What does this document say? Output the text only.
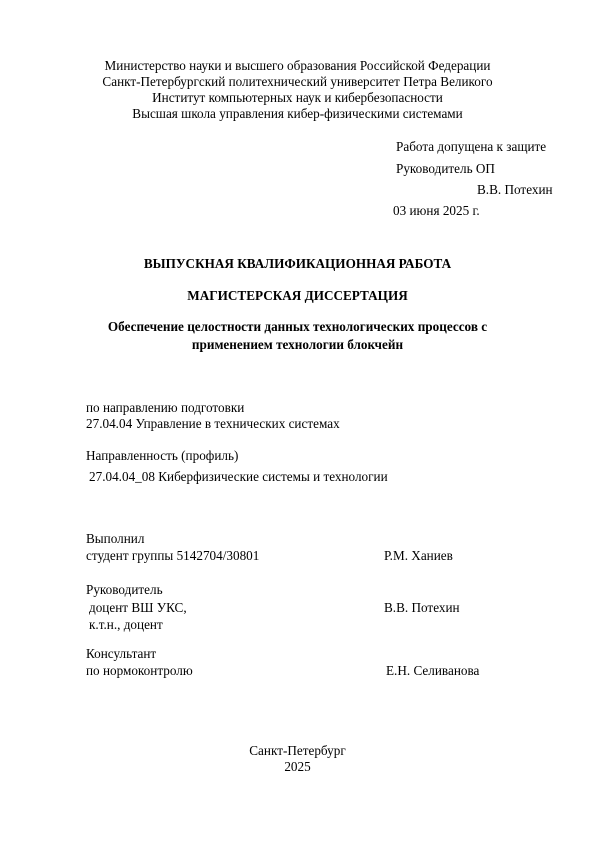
Министерство науки и высшего образования Российской Федерации
Санкт-Петербургский политехнический университет Петра Великого
Институт компьютерных наук и кибербезопасности
Высшая школа управления кибер-физическими системами
Работа допущена к защите
Руководитель ОП
В.В. Потехин
03 июня 2025 г.
ВЫПУСКНАЯ КВАЛИФИКАЦИОННАЯ РАБОТА
МАГИСТЕРСКАЯ ДИССЕРТАЦИЯ
Обеспечение целостности данных технологических процессов с
применением технологии блокчейн
по направлению подготовки
27.04.04 Управление в технических системах
Направленность (профиль)
27.04.04_08 Киберфизические системы и технологии
Выполнил
студент группы 5142704/30801	Р.М. Ханиев
Руководитель
доцент ВШ УКС,	В.В. Потехин
к.т.н., доцент
Консультант
по нормоконтролю	Е.Н. Селиванова
Санкт-Петербург
2025
